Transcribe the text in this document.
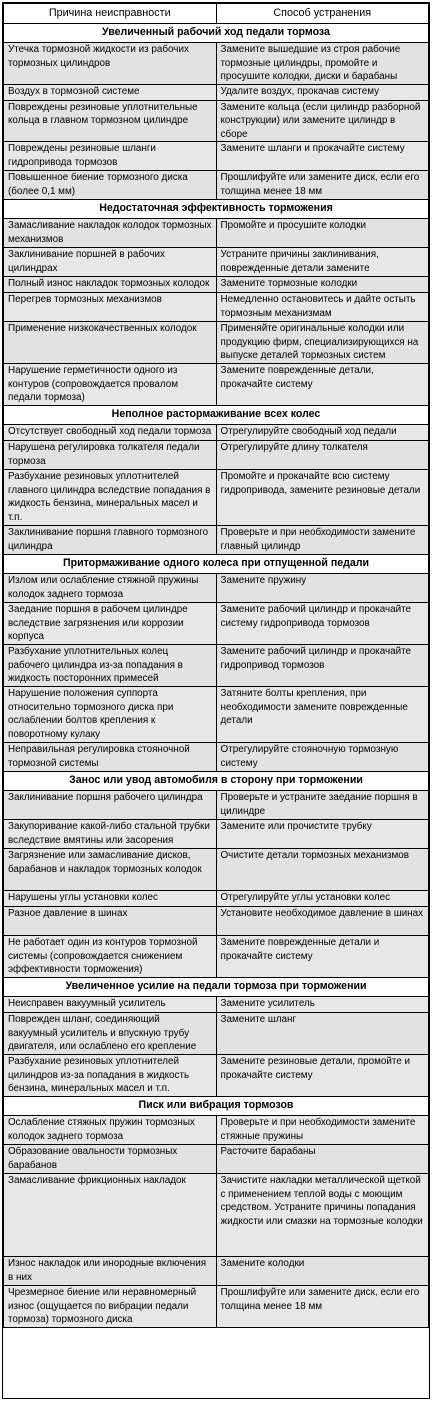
Причина неисправности	Способ устранения
Увеличенный рабочий ход педали тормоза	
Утечка тормозной жидкости из рабочих тормозных цилиндров	Замените вышедшие из строя рабочие тормозные цилиндры, промойте и просушите колодки, диски и барабаны
Воздух в тормозной системе	Удалите воздух, прокачав систему
Повреждены резиновые уплотнительные кольца в главном тормозном цилиндре	Замените кольца (если цилиндр разборной конструкции) или замените цилиндр в сборе
Повреждены резиновые шланги гидропривода тормозов	Замените шланги и прокачайте систему
Повышенное биение тормозного диска (более 0,1 мм)	Прошлифуйте или замените диск, если его толщина менее 18 мм
Недостаточная эффективность торможения	
Замасливание накладок колодок тормозных механизмов	Промойте и просушите колодки
Заклинивание поршней в рабочих цилиндрах	Устраните причины заклинивания, поврежденные детали замените
Полный износ накладок тормозных колодок	Замените тормозные колодки
Перегрев тормозных механизмов	Немедленно остановитесь и дайте остыть тормозным механизмам
Применение низкокачественных колодок	Применяйте оригинальные колодки или продукцию фирм, специализирующихся на выпуске деталей тормозных систем
Нарушение герметичности одного из контуров (сопровождается провалом педали тормоза)	Замените поврежденные детали, прокачайте систему
Неполное растормаживание всех колес	
Отсутствует свободный ход педали тормоза	Отрегулируйте свободный ход педали
Нарушена регулировка толкателя педали тормоза	Отрегулируйте длину толкателя
Разбухание резиновых уплотнителей главного цилиндра вследствие попадания в жидкость бензина, минеральных масел и т.п.	Промойте и прокачайте всю систему гидропривода, замените резиновые детали
Заклинивание поршня главного тормозного цилиндра	Проверьте и при необходимости замените главный цилиндр
Притормаживание одного колеса при отпущенной педали	
Излом или ослабление стяжной пружины колодок заднего тормоза	Замените пружину
Заедание поршня в рабочем цилиндре вследствие загрязнения или коррозии корпуса	Замените рабочий цилиндр и прокачайте систему гидропривода тормозов
Разбухание уплотнительных колец рабочего цилиндра из-за попадания в жидкость посторонних примесей	Замените рабочий цилиндр и прокачайте гидропривод тормозов
Нарушение положения суппорта относительно тормозного диска при ослаблении болтов крепления к поворотному кулаку	Затяните болты крепления, при необходимости замените поврежденные детали
Неправильная регулировка стояночной тормозной системы	Отрегулируйте стояночную тормозную систему
Занос или увод автомобиля в сторону при торможении	
Заклинивание поршня рабочего цилиндра	Проверьте и устраните заедание поршня в цилиндре
Закупоривание какой-либо стальной трубки вследствие вмятины или засорения	Замените или прочистите трубку
Загрязнение или замасливание дисков, барабанов и накладок тормозных колодок	Очистите детали тормозных механизмов
Нарушены углы установки колес	Отрегулируйте углы установки колес
Разное давление в шинах	Установите необходимое давление в шинах
Не работает один из контуров тормозной системы (сопровождается снижением эффективности торможения)	Замените поврежденные детали и прокачайте систему
Увеличенное усилие на педали тормоза при торможении	
Неисправен вакуумный усилитель	Замените усилитель
Поврежден шланг, соединяющий вакуумный усилитель и впускную трубу двигателя, или ослаблено его крепление	Замените шланг
Разбухание резиновых уплотнителей цилиндров из-за попадания в жидкость бензина, минеральных масел и т.п.	Замените резиновые детали, промойте и прокачайте систему
Писк или вибрация тормозов	
Ослабление стяжных пружин тормозных колодок заднего тормоза	Проверьте и при необходимости замените стяжные пружины
Образование овальности тормозных барабанов	Расточите барабаны
Замасливание фрикционных накладок	Зачистите накладки металлической щеткой с применением теплой воды с моющим средством. Устраните причины попадания жидкости или смазки на тормозные колодки
Износ накладок или инородные включения в них	Замените колодки
Чрезмерное биение или неравномерный износ (ощущается по вибрации педали тормоза) тормозного диска	Прошлифуйте или замените диск, если его толщина менее 18 мм
